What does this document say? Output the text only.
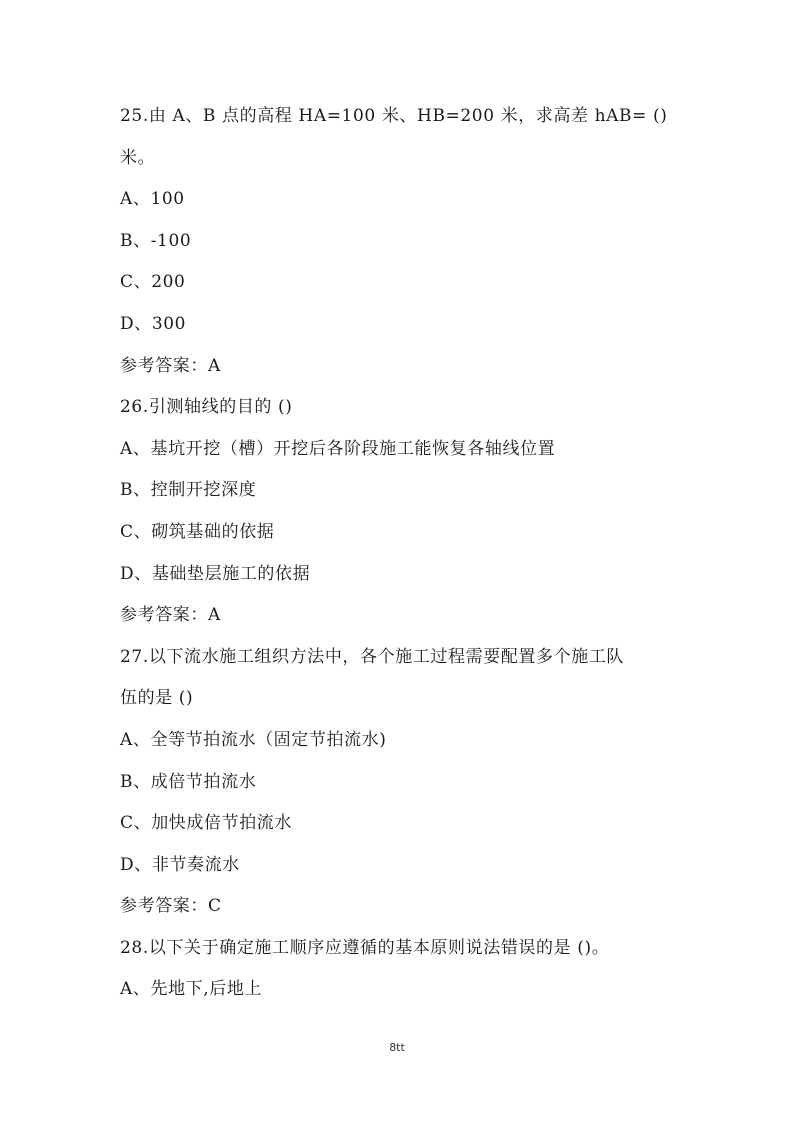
25.由 A、B 点的高程 HA=100 米、HB=200 米，求高差 hAB= ()
米。
A、100
B、-100
C、200
D、300
参考答案：A
26.引测轴线的目的 ()
A、基坑开挖（槽）开挖后各阶段施工能恢复各轴线位置
B、控制开挖深度
C、砌筑基础的依据
D、基础垫层施工的依据
参考答案：A
27.以下流水施工组织方法中，各个施工过程需要配置多个施工队
伍的是 ()
A、全等节拍流水（固定节拍流水)
B、成倍节拍流水
C、加快成倍节拍流水
D、非节奏流水
参考答案：C
28.以下关于确定施工顺序应遵循的基本原则说法错误的是 ()。
A、先地下,后地上
8tt
